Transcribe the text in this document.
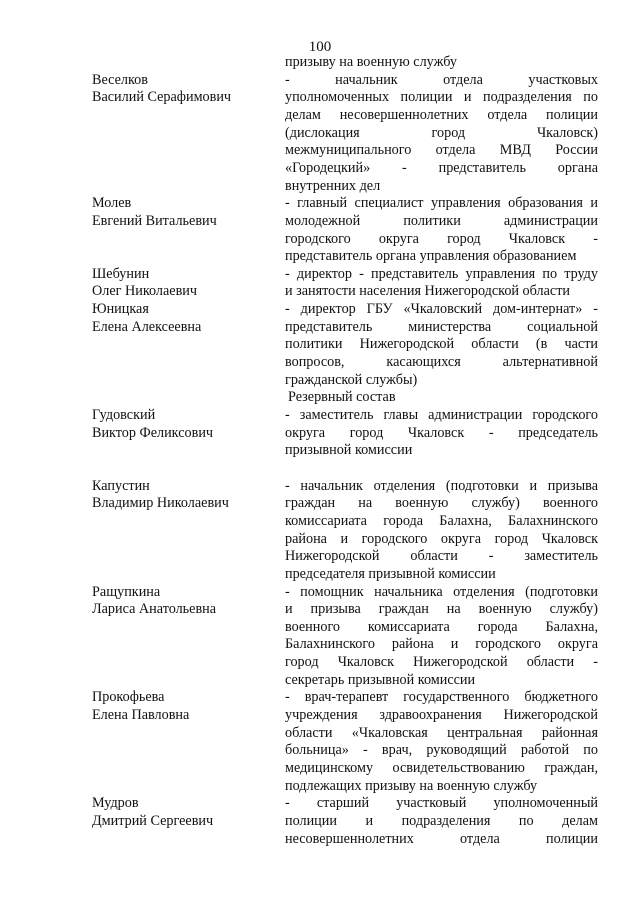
100
призыву на военную службу
Веселков
Василий Серафимович
- начальник отдела участковых
уполномоченных полиции и подразделения по
делам несовершеннолетних отдела полиции
(дислокация город Чкаловск)
межмуниципального отдела МВД России
«Городецкий» - представитель органа
внутренних дел
Молев
Евгений Витальевич
- главный специалист управления образования и
молодежной политики администрации
городского округа город Чкаловск -
представитель органа управления образованием
Шебунин
Олег Николаевич
- директор - представитель управления по труду
и занятости населения Нижегородской области
Юницкая
Елена Алексеевна
- директор ГБУ «Чкаловский дом-интернат» -
представитель министерства социальной
политики Нижегородской области (в части
вопросов, касающихся альтернативной
гражданской службы)
Резервный состав
Гудовский
Виктор Феликсович
- заместитель главы администрации городского
округа город Чкаловск - председатель
призывной комиссии
Капустин
Владимир Николаевич
- начальник отделения (подготовки и призыва
граждан на военную службу) военного
комиссариата города Балахна, Балахнинского
района и городского округа город Чкаловск
Нижегородской области - заместитель
председателя призывной комиссии
Ращупкина
Лариса Анатольевна
- помощник начальника отделения (подготовки
и призыва граждан на военную службу)
военного комиссариата города Балахна,
Балахнинского района и городского округа
город Чкаловск Нижегородской области -
секретарь призывной комиссии
Прокофьева
Елена Павловна
- врач-терапевт государственного бюджетного
учреждения здравоохранения Нижегородской
области «Чкаловская центральная районная
больница» - врач, руководящий работой по
медицинскому освидетельствованию граждан,
подлежащих призыву на военную службу
Мудров
Дмитрий Сергеевич
- старший участковый уполномоченный
полиции и подразделения по делам
несовершеннолетних отдела полиции
